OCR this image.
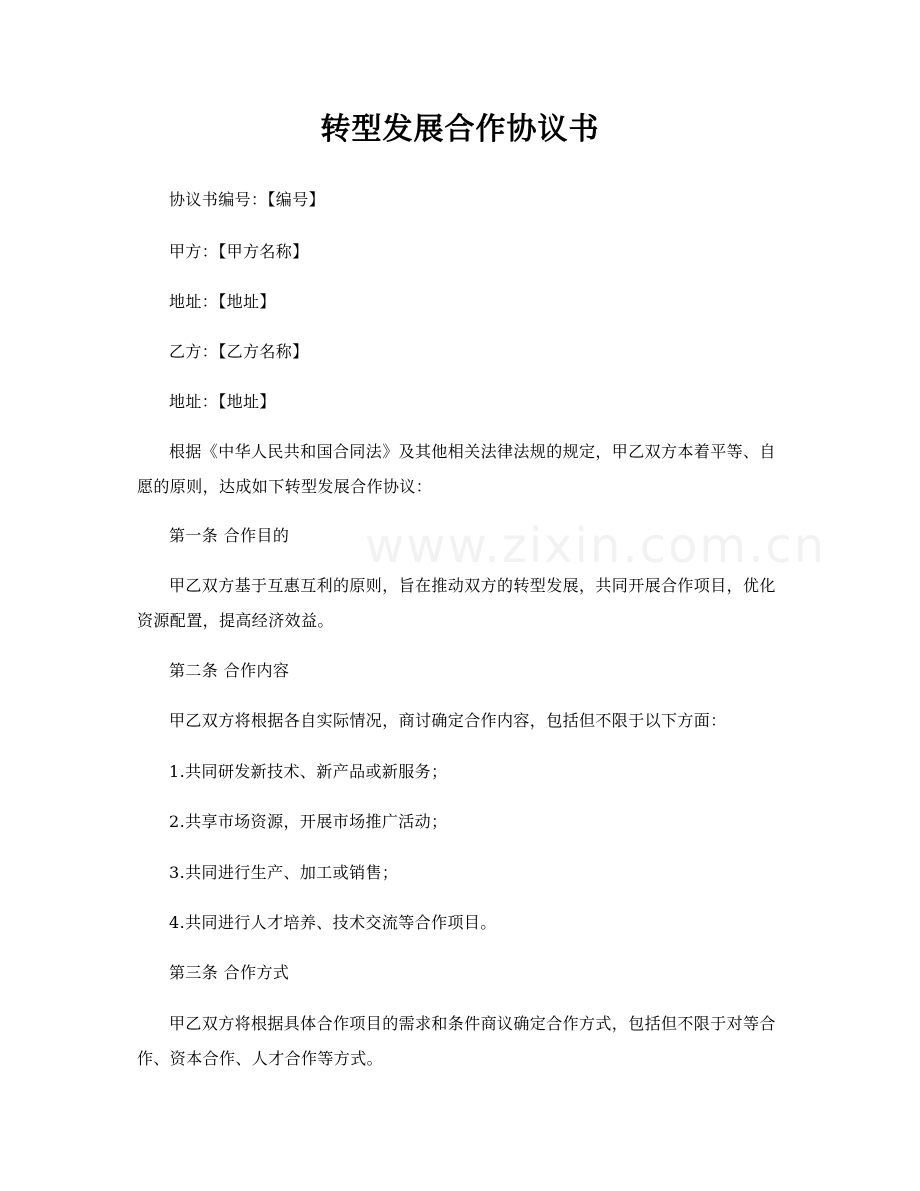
www.zixin.com.cn
转型发展合作协议书

协议书编号：【编号】

甲方：【甲方名称】

地址：【地址】

乙方：【乙方名称】

地址：【地址】

根据《中华人民共和国合同法》及其他相关法律法规的规定，甲乙双方本着平等、自愿的原则，达成如下转型发展合作协议：

第一条 合作目的

甲乙双方基于互惠互利的原则，旨在推动双方的转型发展，共同开展合作项目，优化资源配置，提高经济效益。

第二条 合作内容

甲乙双方将根据各自实际情况，商讨确定合作内容，包括但不限于以下方面：

1.共同研发新技术、新产品或新服务；

2.共享市场资源，开展市场推广活动；

3.共同进行生产、加工或销售；

4.共同进行人才培养、技术交流等合作项目。

第三条 合作方式

甲乙双方将根据具体合作项目的需求和条件商议确定合作方式，包括但不限于对等合作、资本合作、人才合作等方式。
